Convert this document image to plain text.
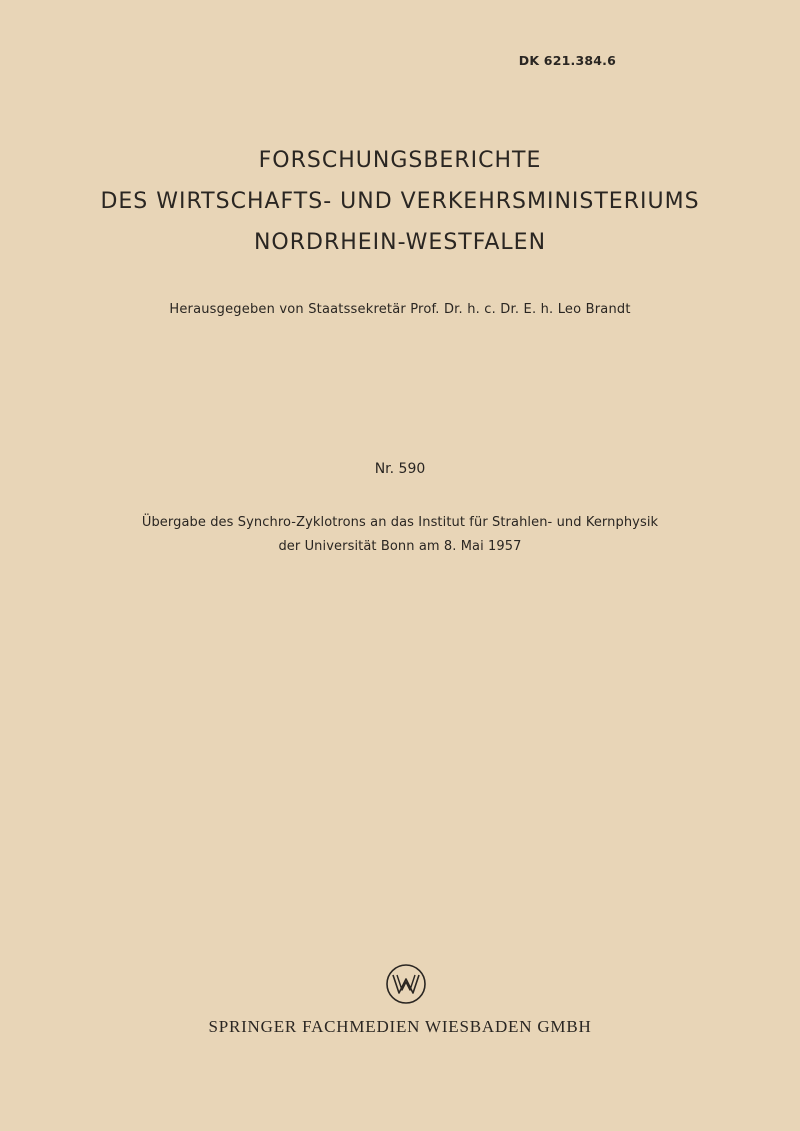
DK 621.384.6
FORSCHUNGSBERICHTE
DES WIRTSCHAFTS- UND VERKEHRSMINISTERIUMS
NORDRHEIN-WESTFALEN
Herausgegeben von Staatssekretär Prof. Dr. h. c. Dr. E. h. Leo Brandt
Nr. 590
Übergabe des Synchro-Zyklotrons an das Institut für Strahlen- und Kernphysik
der Universität Bonn am 8. Mai 1957
SPRINGER FACHMEDIEN WIESBADEN GMBH
